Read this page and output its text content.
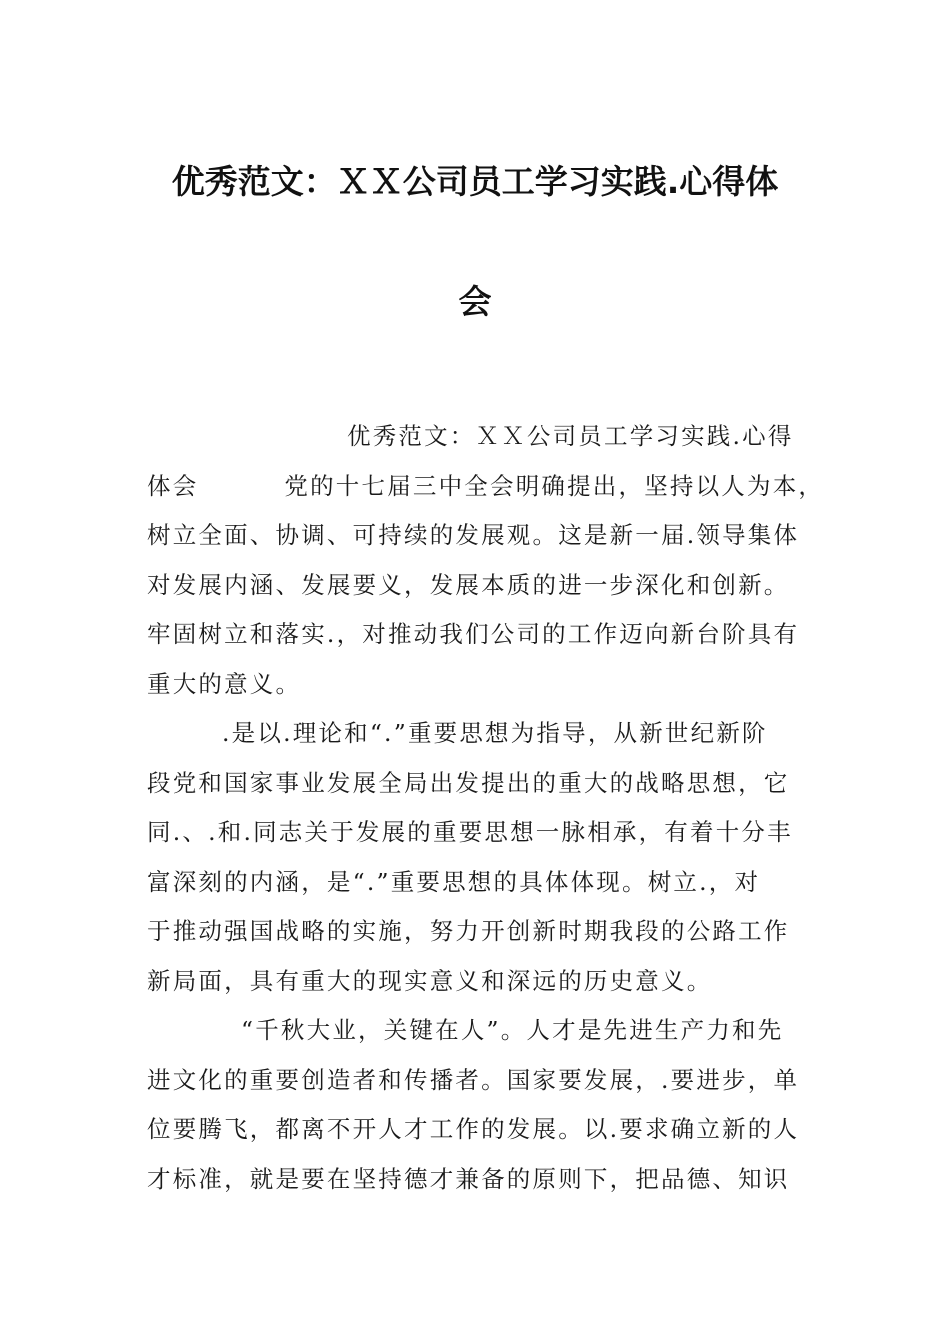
优秀范文：ＸＸ公司员工学习实践.心得体
会
优秀范文：ＸＸ公司员工学习实践.心得
体会	党的十七届三中全会明确提出，坚持以人为本，
树立全面、协调、可持续的发展观。这是新一届.领导集体
对发展内涵、发展要义，发展本质的进一步深化和创新。
牢固树立和落实.，对推动我们公司的工作迈向新台阶具有
重大的意义。
.是以.理论和“.”重要思想为指导，从新世纪新阶
段党和国家事业发展全局出发提出的重大的战略思想，它
同.、.和.同志关于发展的重要思想一脉相承，有着十分丰
富深刻的内涵，是“.”重要思想的具体体现。树立.，对
于推动强国战略的实施，努力开创新时期我段的公路工作
新局面，具有重大的现实意义和深远的历史意义。
“千秋大业，关键在人”。人才是先进生产力和先
进文化的重要创造者和传播者。国家要发展，.要进步，单
位要腾飞，都离不开人才工作的发展。以.要求确立新的人
才标准，就是要在坚持德才兼备的原则下，把品德、知识
